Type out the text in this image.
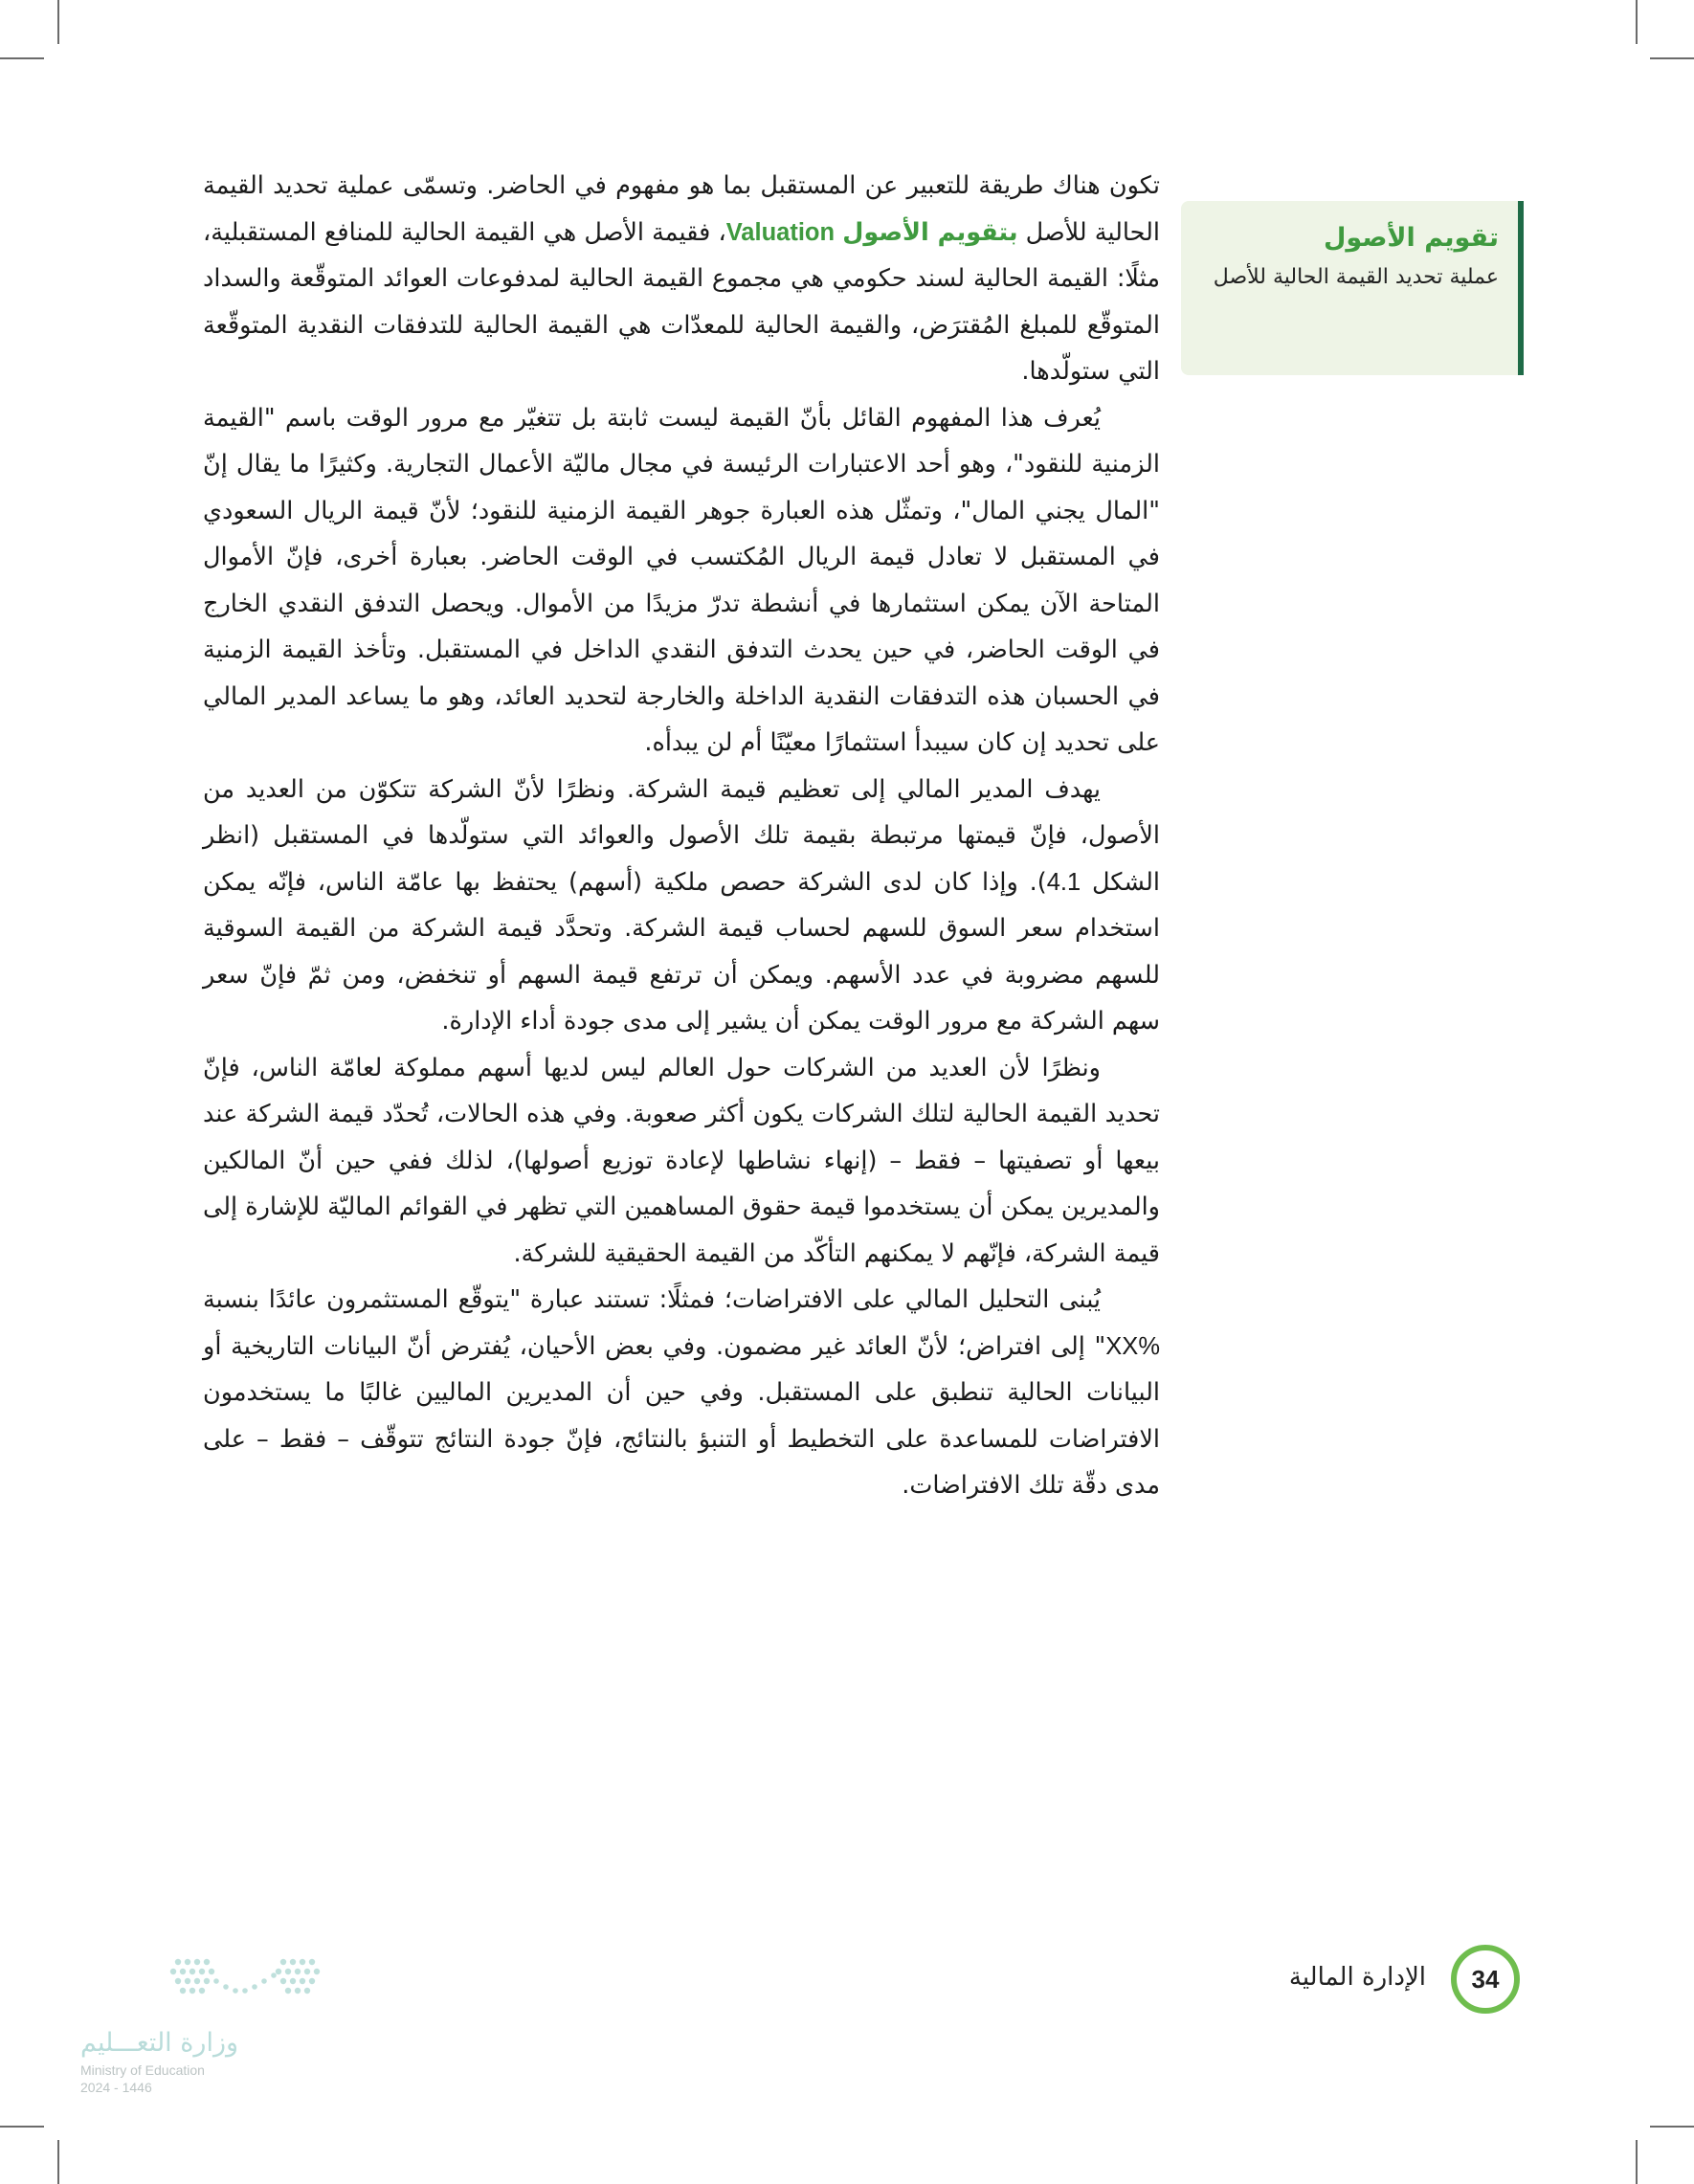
تقويم الأصول
عملية تحديد القيمة الحالية للأصل

تكون هناك طريقة للتعبير عن المستقبل بما هو مفهوم في الحاضر. وتسمّى عملية تحديد القيمة الحالية للأصل بتقويم الأصول Valuation، فقيمة الأصل هي القيمة الحالية للمنافع المستقبلية، مثلًا: القيمة الحالية لسند حكومي هي مجموع القيمة الحالية لمدفوعات العوائد المتوقّعة والسداد المتوقّع للمبلغ المُقترَض، والقيمة الحالية للمعدّات هي القيمة الحالية للتدفقات النقدية المتوقّعة التي ستولّدها.

يُعرف هذا المفهوم القائل بأنّ القيمة ليست ثابتة بل تتغيّر مع مرور الوقت باسم "القيمة الزمنية للنقود"، وهو أحد الاعتبارات الرئيسة في مجال ماليّة الأعمال التجارية. وكثيرًا ما يقال إنّ "المال يجني المال"، وتمثّل هذه العبارة جوهر القيمة الزمنية للنقود؛ لأنّ قيمة الريال السعودي في المستقبل لا تعادل قيمة الريال المُكتسب في الوقت الحاضر. بعبارة أخرى، فإنّ الأموال المتاحة الآن يمكن استثمارها في أنشطة تدرّ مزيدًا من الأموال. ويحصل التدفق النقدي الخارج في الوقت الحاضر، في حين يحدث التدفق النقدي الداخل في المستقبل. وتأخذ القيمة الزمنية في الحسبان هذه التدفقات النقدية الداخلة والخارجة لتحديد العائد، وهو ما يساعد المدير المالي على تحديد إن كان سيبدأ استثمارًا معيّنًا أم لن يبدأه.

يهدف المدير المالي إلى تعظيم قيمة الشركة. ونظرًا لأنّ الشركة تتكوّن من العديد من الأصول، فإنّ قيمتها مرتبطة بقيمة تلك الأصول والعوائد التي ستولّدها في المستقبل (انظر الشكل 4.1). وإذا كان لدى الشركة حصص ملكية (أسهم) يحتفظ بها عامّة الناس، فإنّه يمكن استخدام سعر السوق للسهم لحساب قيمة الشركة. وتحدَّد قيمة الشركة من القيمة السوقية للسهم مضروبة في عدد الأسهم. ويمكن أن ترتفع قيمة السهم أو تنخفض، ومن ثمّ فإنّ سعر سهم الشركة مع مرور الوقت يمكن أن يشير إلى مدى جودة أداء الإدارة.

ونظرًا لأن العديد من الشركات حول العالم ليس لديها أسهم مملوكة لعامّة الناس، فإنّ تحديد القيمة الحالية لتلك الشركات يكون أكثر صعوبة. وفي هذه الحالات، تُحدّد قيمة الشركة عند بيعها أو تصفيتها – فقط – (إنهاء نشاطها لإعادة توزيع أصولها)، لذلك ففي حين أنّ المالكين والمديرين يمكن أن يستخدموا قيمة حقوق المساهمين التي تظهر في القوائم الماليّة للإشارة إلى قيمة الشركة، فإنّهم لا يمكنهم التأكّد من القيمة الحقيقية للشركة.

يُبنى التحليل المالي على الافتراضات؛ فمثلًا: تستند عبارة "يتوقّع المستثمرون عائدًا بنسبة XX%" إلى افتراض؛ لأنّ العائد غير مضمون. وفي بعض الأحيان، يُفترض أنّ البيانات التاريخية أو البيانات الحالية تنطبق على المستقبل. وفي حين أن المديرين الماليين غالبًا ما يستخدمون الافتراضات للمساعدة على التخطيط أو التنبؤ بالنتائج، فإنّ جودة النتائج تتوقّف – فقط – على مدى دقّة تلك الافتراضات.

الإدارة المالية	34
وزارة التعـــليم
Ministry of Education
2024 - 1446
